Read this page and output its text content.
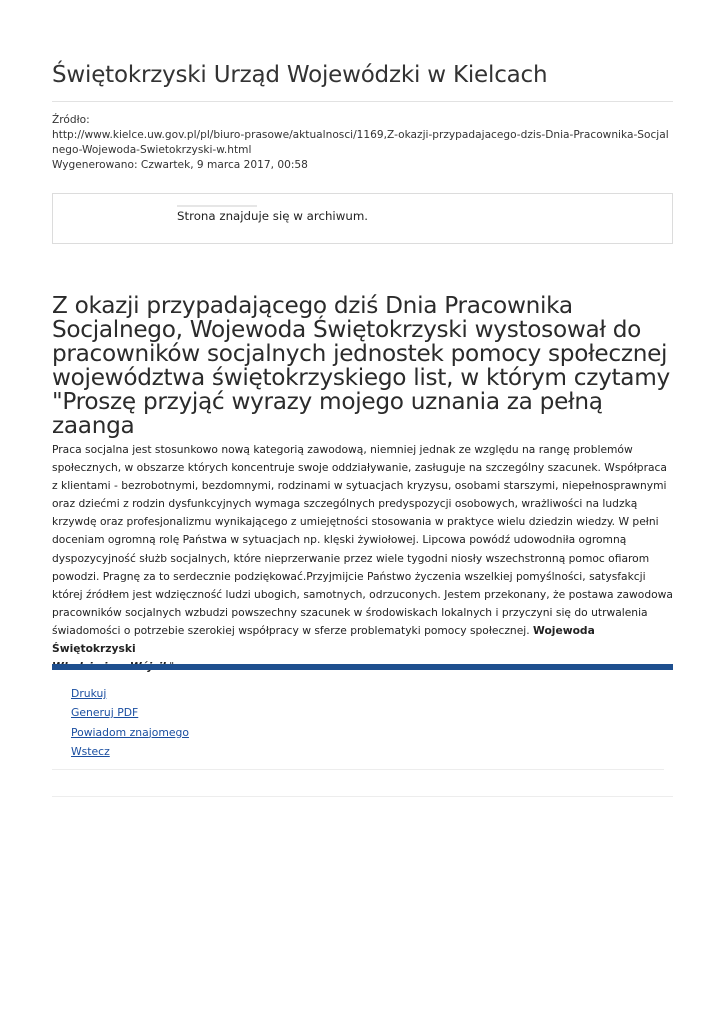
Świętokrzyski Urząd Wojewódzki w Kielcach
Źródło:
http://www.kielce.uw.gov.pl/pl/biuro-prasowe/aktualnosci/1169,Z-okazji-przypadajacego-dzis-Dnia-Pracownika-Socjalnego-Wojewoda-Swietokrzyski-w.html
Wygenerowano: Czwartek, 9 marca 2017, 00:58
Strona znajduje się w archiwum.
Z okazji przypadającego dziś Dnia Pracownika Socjalnego, Wojewoda Świętokrzyski wystosował do pracowników socjalnych jednostek pomocy społecznej województwa świętokrzyskiego list, w którym czytamy "Proszę przyjąć wyrazy mojego uznania za pełną zaanga
Praca socjalna jest stosunkowo nową kategorią zawodową, niemniej jednak ze względu na rangę problemów społecznych, w obszarze których koncentruje swoje oddziaływanie, zasługuje na szczególny szacunek. Współpraca z klientami - bezrobotnymi, bezdomnymi, rodzinami w sytuacjach kryzysu, osobami starszymi, niepełnosprawnymi oraz dziećmi z rodzin dysfunkcyjnych wymaga szczególnych predyspozycji osobowych, wrażliwości na ludzką krzywdę oraz profesjonalizmu wynikającego z umiejętności stosowania w praktyce wielu dziedzin wiedzy. W pełni doceniam ogromną rolę Państwa w sytuacjach np. klęski żywiołowej. Lipcowa powódź udowodniła ogromną dyspozycyjność służb socjalnych, które nieprzerwanie przez wiele tygodni niosły wszechstronną pomoc ofiarom powodzi. Pragnę za to serdecznie podziękować.Przyjmijcie Państwo życzenia wszelkiej pomyślności, satysfakcji której źródłem jest wdzięczność ludzi ubogich, samotnych, odrzuconych. Jestem przekonany, że postawa zawodowa pracowników socjalnych wzbudzi powszechny szacunek w środowiskach lokalnych i przyczyni się do utrwalenia świadomości o potrzebie szerokiej współpracy w sferze problematyki pomocy społecznej. Wojewoda Świętokrzyski

Drukuj
Generuj PDF
Powiadom znajomego
Wstecz
